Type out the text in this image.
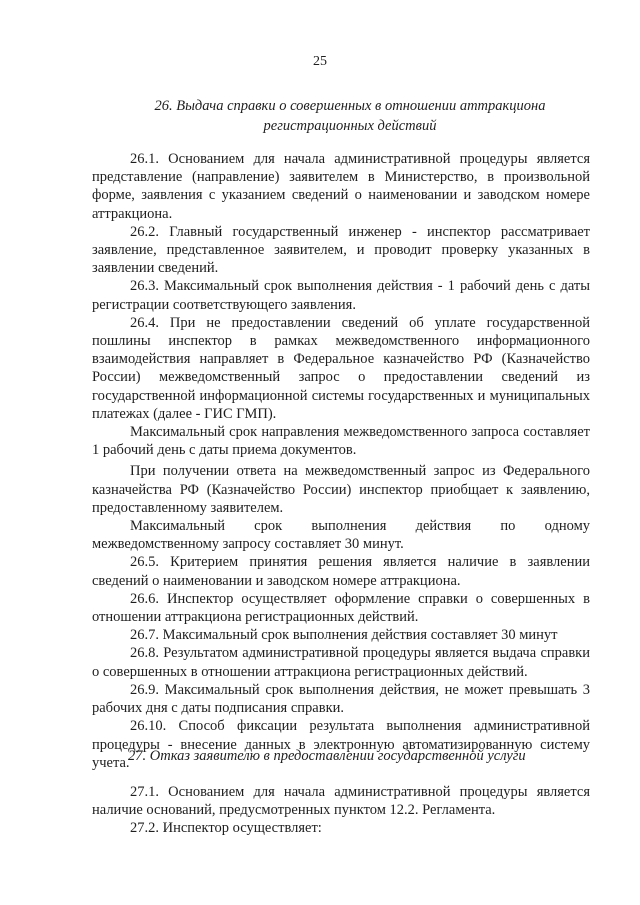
25
26. Выдача справки о совершенных в отношении аттракциона
регистрационных действий

26.1. Основанием для начала административной процедуры является представление (направление) заявителем в Министерство, в произвольной форме, заявления с указанием сведений о наименовании и заводском номере аттракциона.

26.2. Главный государственный инженер - инспектор рассматривает заявление, представленное заявителем, и проводит проверку указанных в заявлении сведений.

26.3. Максимальный срок выполнения действия - 1 рабочий день с даты регистрации соответствующего заявления.

26.4. При не предоставлении сведений об уплате государственной пошлины инспектор в рамках межведомственного информационного взаимодействия направляет в Федеральное казначейство РФ (Казначейство России) межведомственный запрос о предоставлении сведений из государственной информационной системы государственных и муниципальных платежах (далее - ГИС ГМП).

Максимальный срок направления межведомственного запроса составляет 1 рабочий день с даты приема документов.

При получении ответа на межведомственный запрос из Федерального казначейства РФ (Казначейство России) инспектор приобщает к заявлению, предоставленному заявителем.

Максимальный срок выполнения действия по одному межведомственному запросу составляет 30 минут.

26.5. Критерием принятия решения является наличие в заявлении сведений о наименовании и заводском номере аттракциона.

26.6. Инспектор осуществляет оформление справки о совершенных в отношении аттракциона регистрационных действий.

26.7. Максимальный срок выполнения действия составляет 30 минут

26.8. Результатом административной процедуры является выдача справки о совершенных в отношении аттракциона регистрационных действий.

26.9. Максимальный срок выполнения действия, не может превышать 3 рабочих дня с даты подписания справки.

26.10. Способ фиксации результата выполнения административной процедуры - внесение данных в электронную автоматизированную систему учета.

27. Отказ заявителю в предоставлении государственной услуги

27.1. Основанием для начала административной процедуры является наличие оснований, предусмотренных пунктом 12.2. Регламента.

27.2. Инспектор осуществляет:
